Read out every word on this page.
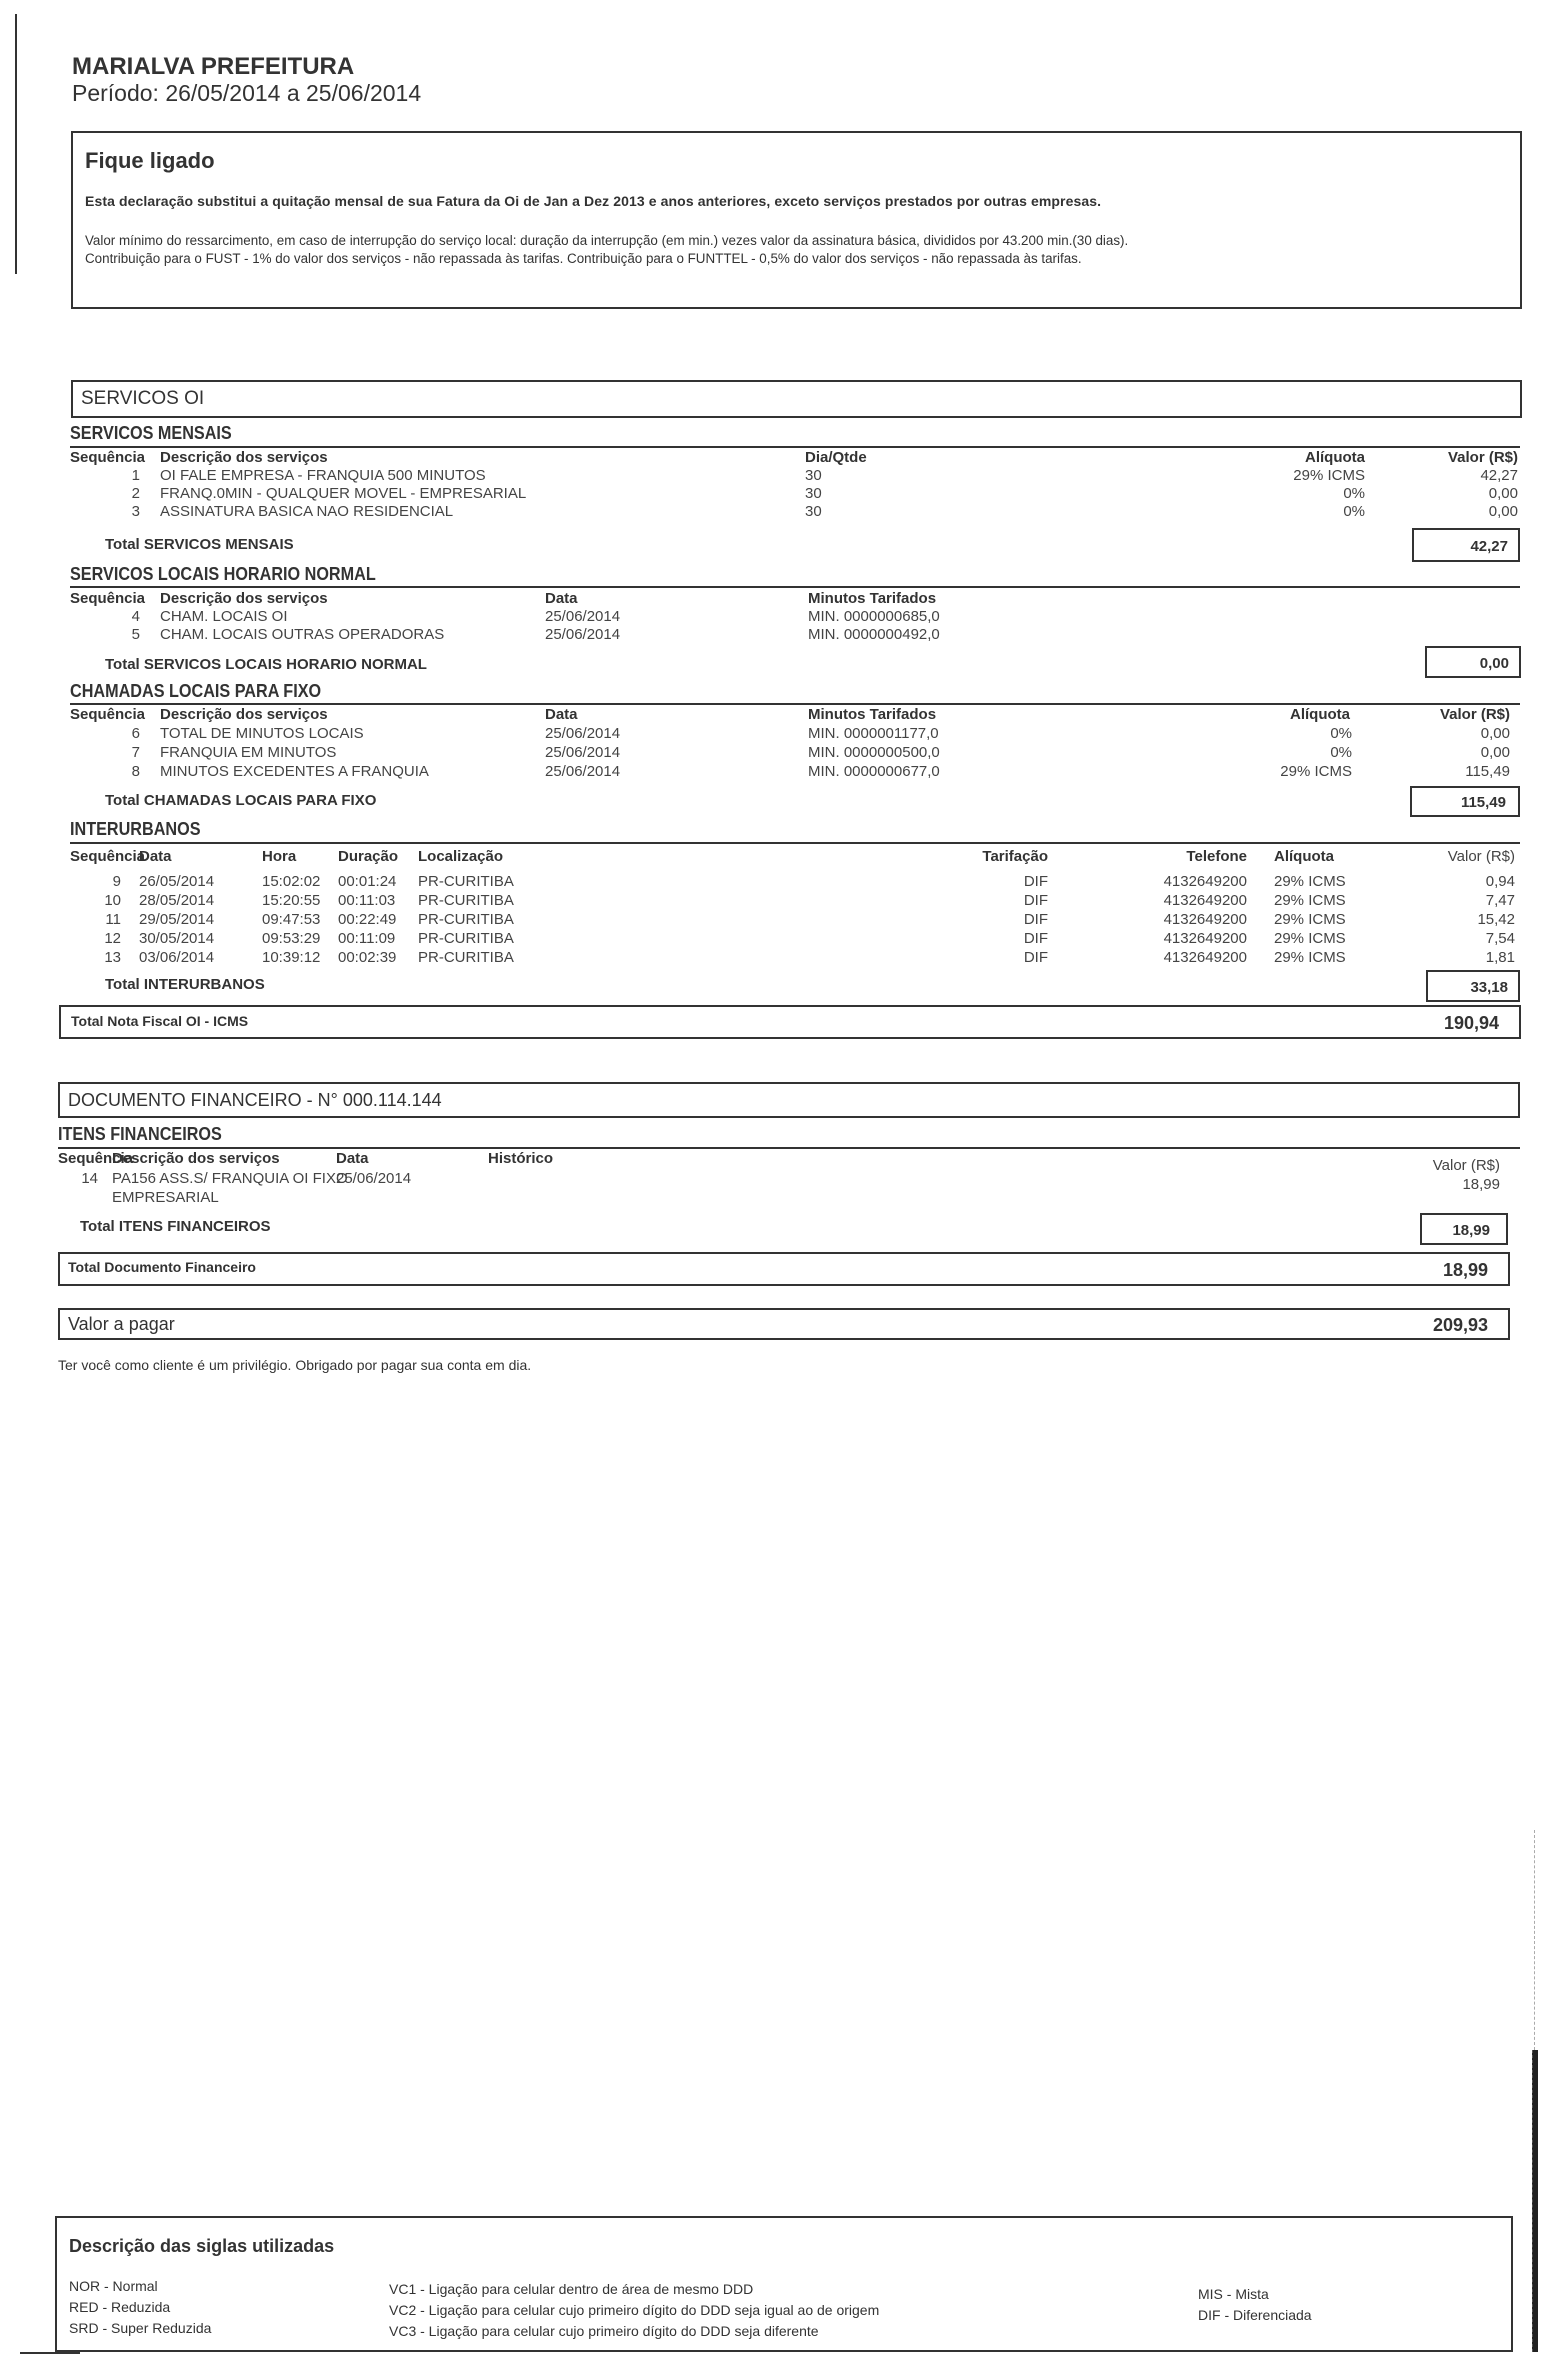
MARIALVA PREFEITURA
Período: 26/05/2014 a 25/06/2014
Fique ligado
Esta declaração substitui a quitação mensal de sua Fatura da Oi de Jan a Dez 2013 e anos anteriores, exceto serviços prestados por outras empresas.
Valor mínimo do ressarcimento, em caso de interrupção do serviço local: duração da interrupção (em min.) vezes valor da assinatura básica, divididos por 43.200 min.(30 dias).
Contribuição para o FUST - 1% do valor dos serviços - não repassada às tarifas. Contribuição para o FUNTTEL - 0,5% do valor dos serviços - não repassada às tarifas.
SERVICOS OI
SERVICOS MENSAIS
Sequência Descrição dos serviços	Dia/Qtde	Alíquota	Valor (R$)
1 OI FALE EMPRESA - FRANQUIA 500 MINUTOS	30	29% ICMS	42,27
2 FRANQ.0MIN - QUALQUER MOVEL - EMPRESARIAL	30	0%	0,00
3 ASSINATURA BASICA NAO RESIDENCIAL	30	0%	0,00
Total SERVICOS MENSAIS	42,27
SERVICOS LOCAIS HORARIO NORMAL
Sequência Descrição dos serviços	Data	Minutos Tarifados
4 CHAM. LOCAIS OI	25/06/2014	MIN. 0000000685,0
5 CHAM. LOCAIS OUTRAS OPERADORAS	25/06/2014	MIN. 0000000492,0
Total SERVICOS LOCAIS HORARIO NORMAL	0,00
CHAMADAS LOCAIS PARA FIXO
Sequência Descrição dos serviços	Data	Minutos Tarifados	Alíquota	Valor (R$)
6 TOTAL DE MINUTOS LOCAIS	25/06/2014	MIN. 0000001177,0	0%	0,00
7 FRANQUIA EM MINUTOS	25/06/2014	MIN. 0000000500,0	0%	0,00
8 MINUTOS EXCEDENTES A FRANQUIA	25/06/2014	MIN. 0000000677,0	29% ICMS	115,49
Total CHAMADAS LOCAIS PARA FIXO	115,49
INTERURBANOS
Sequência
Data	Hora	Duração Localização	Tarifação	Telefone Alíquota	Valor (R$)
9 26/05/2014	15:02:02 00:01:24 PR-CURITIBA	DIF	4132649200 29% ICMS	0,94
10 28/05/2014	15:20:55 00:11:03 PR-CURITIBA	DIF	4132649200 29% ICMS	7,47
11 29/05/2014	09:47:53 00:22:49 PR-CURITIBA	DIF	4132649200 29% ICMS	15,42
12 30/05/2014	09:53:29 00:11:09 PR-CURITIBA	DIF	4132649200 29% ICMS	7,54
13 03/06/2014	10:39:12 00:02:39 PR-CURITIBA	DIF	4132649200 29% ICMS	1,81
Total INTERURBANOS	33,18
Total Nota Fiscal OI - ICMS	190,94
DOCUMENTO FINANCEIRO - N° 000.114.144
ITENS FINANCEIROS
Sequência
Descrição dos serviços	Data	Histórico	Valor (R$)
14 PA156 ASS.S/ FRANQUIA OI FIXO
EMPRESARIAL
25/06/2014	18,99
Total ITENS FINANCEIROS	18,99
Total Documento Financeiro	18,99
Valor a pagar	209,93
Ter você como cliente é um privilégio. Obrigado por pagar sua conta em dia.
Descrição das siglas utilizadas
NOR - Normal
RED - Reduzida
SRD - Super Reduzida
VC1 - Ligação para celular dentro de área de mesmo DDD
VC2 - Ligação para celular cujo primeiro dígito do DDD seja igual ao de origem
VC3 - Ligação para celular cujo primeiro dígito do DDD seja diferente
MIS - Mista
DIF - Diferenciada
